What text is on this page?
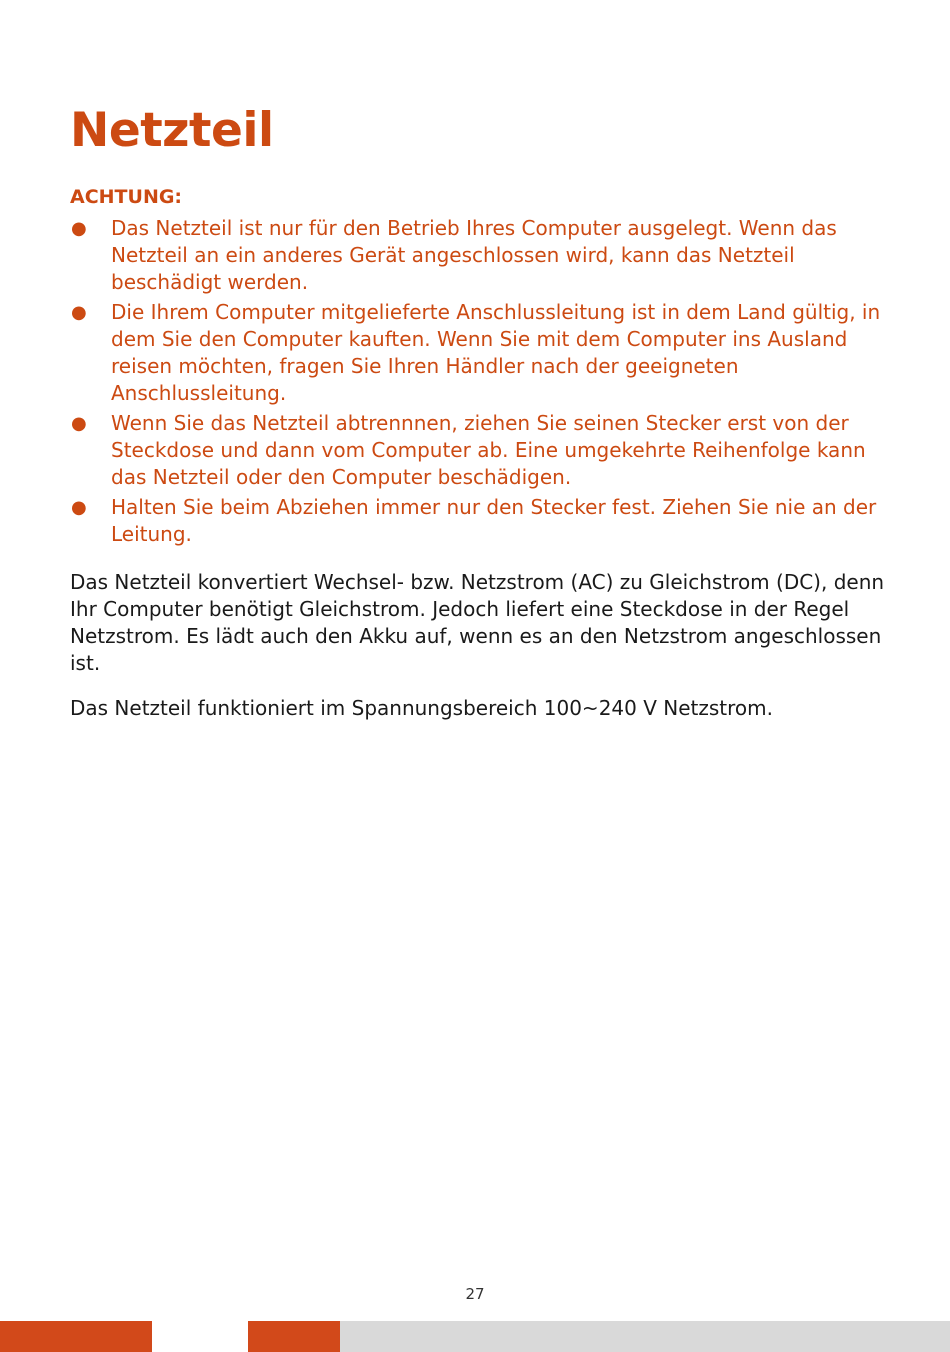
Netzteil

ACHTUNG:

● Das Netzteil ist nur für den Betrieb Ihres Computer ausgelegt. Wenn das Netzteil an ein anderes Gerät angeschlossen wird, kann das Netzteil beschädigt werden.
● Die Ihrem Computer mitgelieferte Anschlussleitung ist in dem Land gültig, in dem Sie den Computer kauften. Wenn Sie mit dem Computer ins Ausland reisen möchten, fragen Sie Ihren Händler nach der geeigneten Anschlussleitung.
● Wenn Sie das Netzteil abtrennnen, ziehen Sie seinen Stecker erst von der Steckdose und dann vom Computer ab. Eine umgekehrte Reihenfolge kann das Netzteil oder den Computer beschädigen.
● Halten Sie beim Abziehen immer nur den Stecker fest. Ziehen Sie nie an der Leitung.

Das Netzteil konvertiert Wechsel- bzw. Netzstrom (AC) zu Gleichstrom (DC), denn Ihr Computer benötigt Gleichstrom. Jedoch liefert eine Steckdose in der Regel Netzstrom. Es lädt auch den Akku auf, wenn es an den Netzstrom angeschlossen ist.

Das Netzteil funktioniert im Spannungsbereich 100~240 V Netzstrom.

27
